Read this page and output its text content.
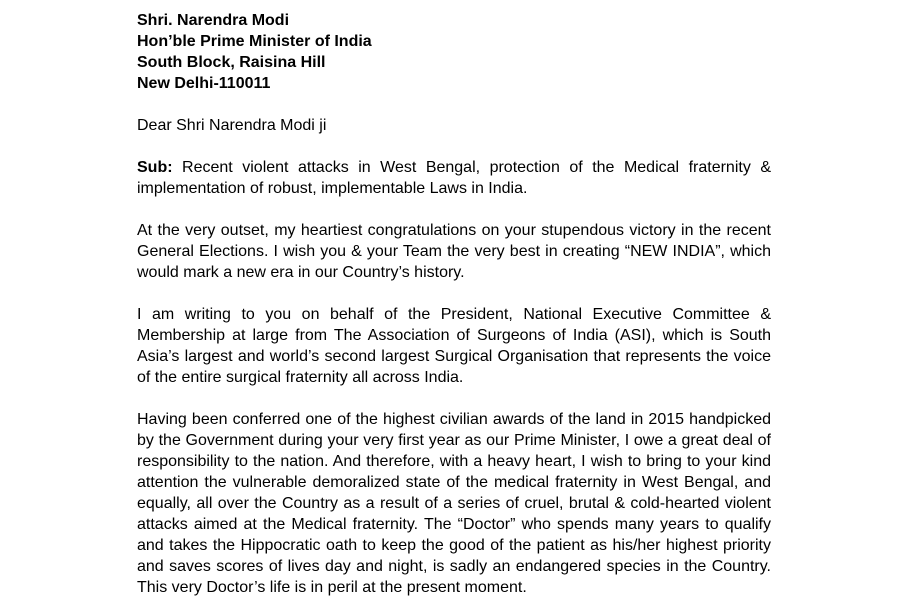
Shri. Narendra Modi
Hon’ble Prime Minister of India
South Block, Raisina Hill
New Delhi-110011
Dear Shri Narendra Modi ji

Sub: Recent violent attacks in West Bengal, protection of the Medical fraternity & implementation of robust, implementable Laws in India.

At the very outset, my heartiest congratulations on your stupendous victory in the recent General Elections. I wish you & your Team the very best in creating “NEW INDIA”, which would mark a new era in our Country’s history.

I am writing to you on behalf of the President, National Executive Committee & Membership at large from The Association of Surgeons of India (ASI), which is South Asia’s largest and world’s second largest Surgical Organisation that represents the voice of the entire surgical fraternity all across India.

Having been conferred one of the highest civilian awards of the land in 2015 handpicked by the Government during your very first year as our Prime Minister, I owe a great deal of responsibility to the nation. And therefore, with a heavy heart, I wish to bring to your kind attention the vulnerable demoralized state of the medical fraternity in West Bengal, and equally, all over the Country as a result of a series of cruel, brutal & cold-hearted violent attacks aimed at the Medical fraternity. The “Doctor” who spends many years to qualify and takes the Hippocratic oath to keep the good of the patient as his/her highest priority and saves scores of lives day and night, is sadly an endangered species in the Country. This very Doctor’s life is in peril at the present moment.
